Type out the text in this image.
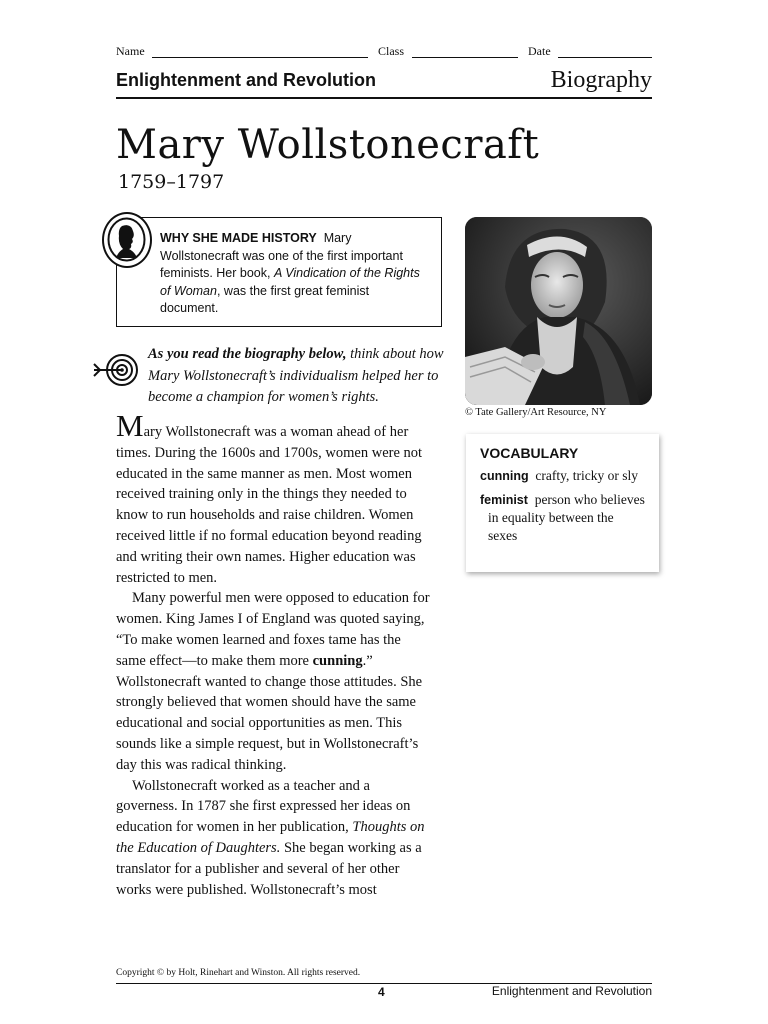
Name	Class	Date
Enlightenment and Revolution	Biography
Mary Wollstonecraft
1759–1797
WHY SHE MADE HISTORY Mary Wollstonecraft was one of the first important feminists. Her book, A Vindication of the Rights of Woman, was the first great feminist document.
As you read the biography below, think about how Mary Wollstonecraft’s individualism helped her to become a champion for women’s rights.
© Tate Gallery/Art Resource, NY
VOCABULARY
cunning crafty, tricky or sly
feminist person who believes in equality between the sexes

Mary Wollstonecraft was a woman ahead of her times. During the 1600s and 1700s, women were not educated in the same manner as men. Most women received training only in the things they needed to know to run households and raise children. Women received little if no formal education beyond reading and writing their own names. Higher education was restricted to men.

Many powerful men were opposed to education for women. King James I of England was quoted saying, “To make women learned and foxes tame has the same effect—to make them more cunning.” Wollstonecraft wanted to change those attitudes. She strongly believed that women should have the same educational and social opportunities as men. This sounds like a simple request, but in Wollstonecraft’s day this was radical thinking.

Wollstonecraft worked as a teacher and a governess. In 1787 she first expressed her ideas on education for women in her publication, Thoughts on the Education of Daughters. She began working as a translator for a publisher and several of her other works were published. Wollstonecraft’s most

Copyright © by Holt, Rinehart and Winston. All rights reserved.
4	Enlightenment and Revolution
